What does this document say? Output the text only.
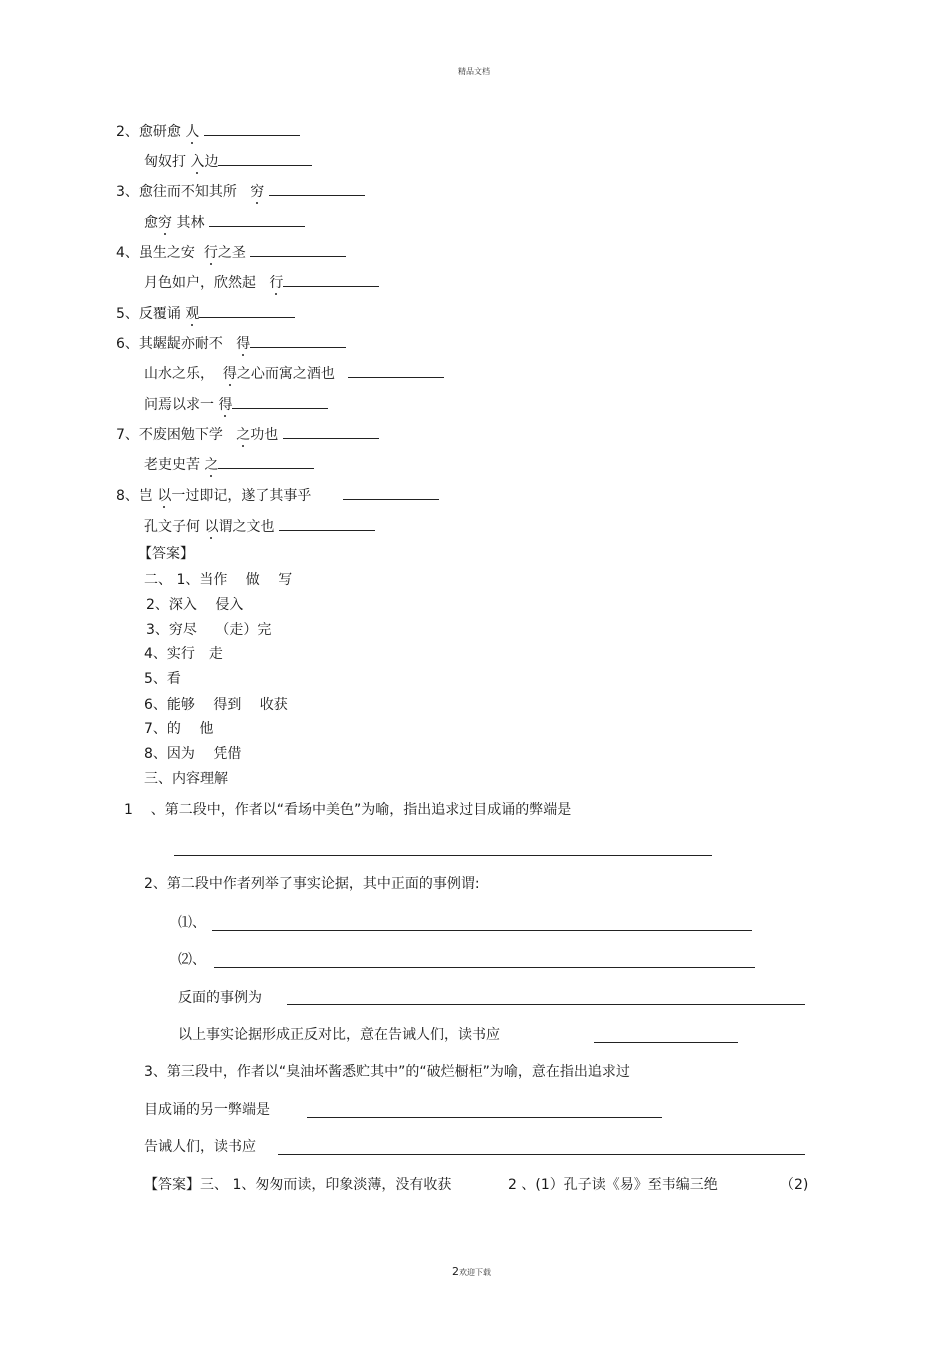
精品文档
2、愈研愈 人
匈奴打 入边
3、愈往而不知其所 穷
愈穷 其林
4、虽生之安 行之圣
月色如户，欣然起 行
5、反覆诵 观
6、其龌龊亦耐不 得
山水之乐， 得之心而寓之酒也
问焉以求一 得
7、不废困勉下学 之功也
老吏史苦 之
8、岂 以一过即记，遂了其事乎
孔文子何 以谓之文也
【答案】
二、 1、当作　 做　 写
2、深入　 侵入
3、穷尽　 （走）完
4、实行　走
5、看
6、能够　 得到　 收获
7、的　 他
8、因为　 凭借
三、内容理解
1 、第二段中，作者以“看场中美色”为喻，指出追求过目成诵的弊端是
2、第二段中作者列举了事实论据，其中正面的事例谓:
⑴、
⑵、
反面的事例为
以上事实论据形成正反对比，意在告诫人们，读书应
3、第三段中，作者以“臭油坏酱悉贮其中”的“破烂橱柜”为喻，意在指出追求过
目成诵的另一弊端是
告诫人们，读书应
【答案】三、 1、匆匆而读，印象淡薄，没有收获	2 、(1）孔子读《易》至韦编三绝	（2)
2欢迎下载
